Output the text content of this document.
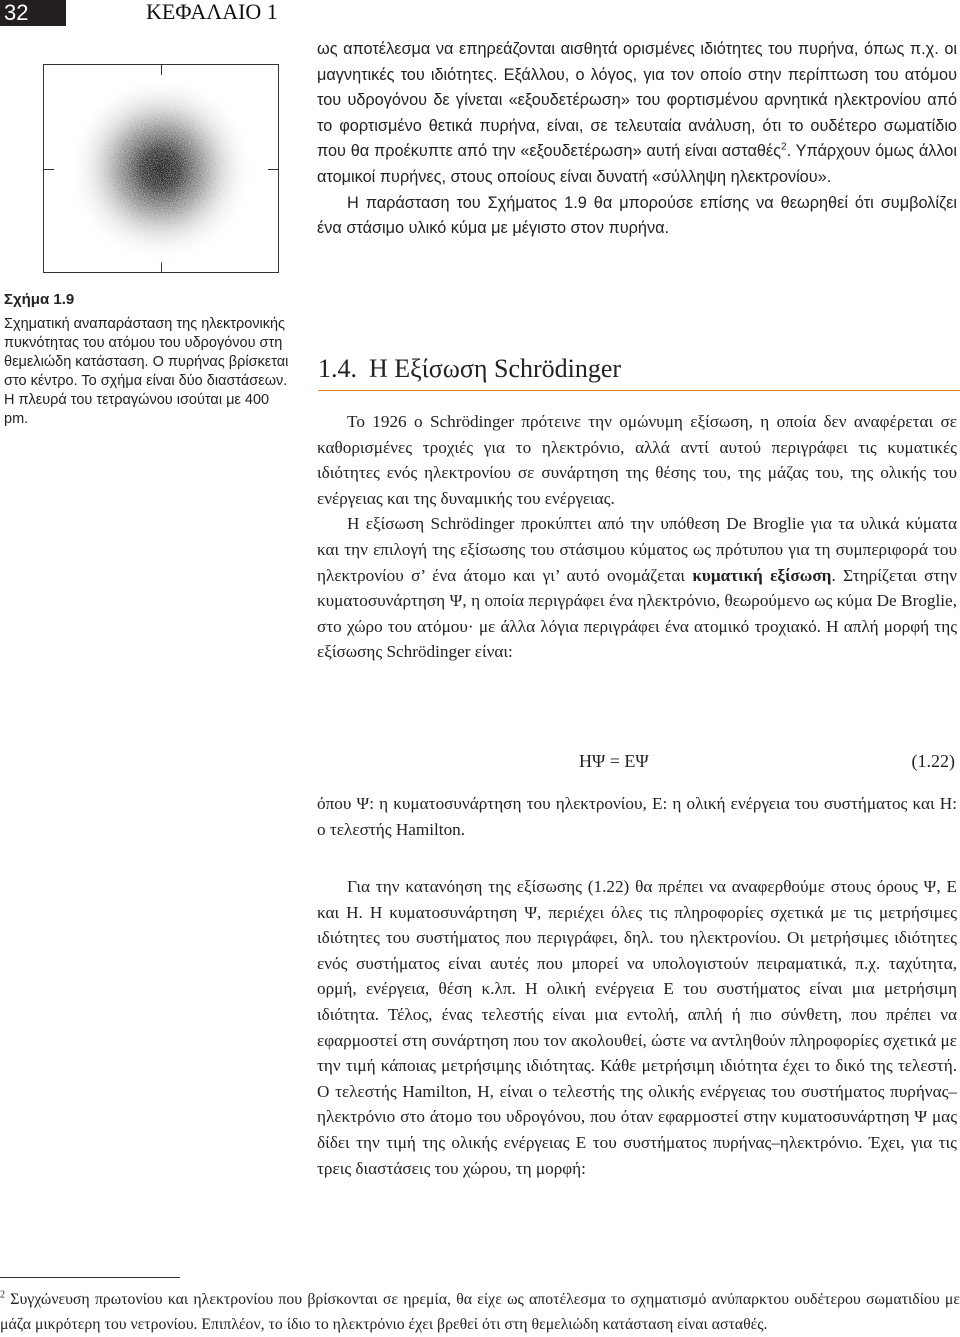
32	ΚΕΦΑΛΑΙΟ 1
Σχήμα 1.9
Σχηματική αναπαράσταση της ηλεκτρονικής πυκνότητας του ατόμου του υδρογόνου στη θεμελιώδη κατάσταση. Ο πυρήνας βρίσκεται στο κέντρο. Το σχήμα είναι δύο διαστάσεων. Η πλευρά του τετραγώνου ισούται με 400 pm.

ως αποτέλεσμα να επηρεάζονται αισθητά ορισμένες ιδιότητες του πυρήνα, όπως π.χ. οι μαγνητικές του ιδιότητες. Εξάλλου, ο λόγος, για τον οποίο στην περίπτωση του ατόμου του υδρογόνου δε γίνεται «εξουδετέρωση» του φορτισμένου αρνητικά ηλεκτρονίου από το φορτισμένο θετικά πυρήνα, είναι, σε τελευταία ανάλυση, ότι το ουδέτερο σωματίδιο που θα προέκυπτε από την «εξουδετέρωση» αυτή είναι ασταθές$^2$. Υπάρχουν όμως άλλοι ατομικοί πυρήνες, στους οποίους είναι δυνατή «σύλληψη ηλεκτρονίου».

Η παράσταση του Σχήματος 1.9 θα μπορούσε επίσης να θεωρηθεί ότι συμβολίζει ένα στάσιμο υλικό κύμα με μέγιστο στον πυρήνα.

1.4. Η Εξίσωση Schrödinger

Το 1926 ο Schrödinger πρότεινε την ομώνυμη εξίσωση, η οποία δεν αναφέρεται σε καθορισμένες τροχιές για το ηλεκτρόνιο, αλλά αντί αυτού περιγράφει τις κυματικές ιδιότητες ενός ηλεκτρονίου σε συνάρτηση της θέσης του, της μάζας του, της ολικής του ενέργειας και της δυναμικής του ενέργειας.

Η εξίσωση Schrödinger προκύπτει από την υπόθεση De Broglie για τα υλικά κύματα και την επιλογή της εξίσωσης του στάσιμου κύματος ως πρότυπου για τη συμπεριφορά του ηλεκτρονίου σ’ ένα άτομο και γι’ αυτό ονομάζεται κυματική εξίσωση. Στηρίζεται στην κυματοσυνάρτηση Ψ, η οποία περιγράφει ένα ηλεκτρόνιο, θεωρούμενο ως κύμα De Broglie, στο χώρο του ατόμου· με άλλα λόγια περιγράφει ένα ατομικό τροχιακό. Η απλή μορφή της εξίσωσης Schrödinger είναι:

HΨ = EΨ	(1.22)

όπου Ψ: η κυματοσυνάρτηση του ηλεκτρονίου, Ε: η ολική ενέργεια του συστήματος και Η: ο τελεστής Hamilton.

Για την κατανόηση της εξίσωσης (1.22) θα πρέπει να αναφερθούμε στους όρους Ψ, Ε και Η. Η κυματοσυνάρτηση Ψ, περιέχει όλες τις πληροφορίες σχετικά με τις μετρήσιμες ιδιότητες του συστήματος που περιγράφει, δηλ. του ηλεκτρονίου. Οι μετρήσιμες ιδιότητες ενός συστήματος είναι αυτές που μπορεί να υπολογιστούν πειραματικά, π.χ. ταχύτητα, ορμή, ενέργεια, θέση κ.λπ. Η ολική ενέργεια Ε του συστήματος είναι μια μετρήσιμη ιδιότητα. Τέλος, ένας τελεστής είναι μια εντολή, απλή ή πιο σύνθετη, που πρέπει να εφαρμοστεί στη συνάρτηση που τον ακολουθεί, ώστε να αντληθούν πληροφορίες σχετικά με την τιμή κάποιας μετρήσιμης ιδιότητας. Κάθε μετρήσιμη ιδιότητα έχει το δικό της τελεστή. Ο τελεστής Hamilton, Η, είναι ο τελεστής της ολικής ενέργειας του συστήματος πυρήνας–ηλεκτρόνιο στο άτομο του υδρογόνου, που όταν εφαρμοστεί στην κυματοσυνάρτηση Ψ μας δίδει την τιμή της ολικής ενέργειας Ε του συστήματος πυρήνας–ηλεκτρόνιο. Έχει, για τις τρεις διαστάσεις του χώρου, τη μορφή:

$^2$ Συγχώνευση πρωτονίου και ηλεκτρονίου που βρίσκονται σε ηρεμία, θα είχε ως αποτέλεσμα το σχηματισμό ανύπαρκτου ουδέτερου σωματιδίου με μάζα μικρότερη του νετρονίου. Επιπλέον, το ίδιο το ηλεκτρόνιο έχει βρεθεί ότι στη θεμελιώδη κατάσταση είναι ασταθές.
